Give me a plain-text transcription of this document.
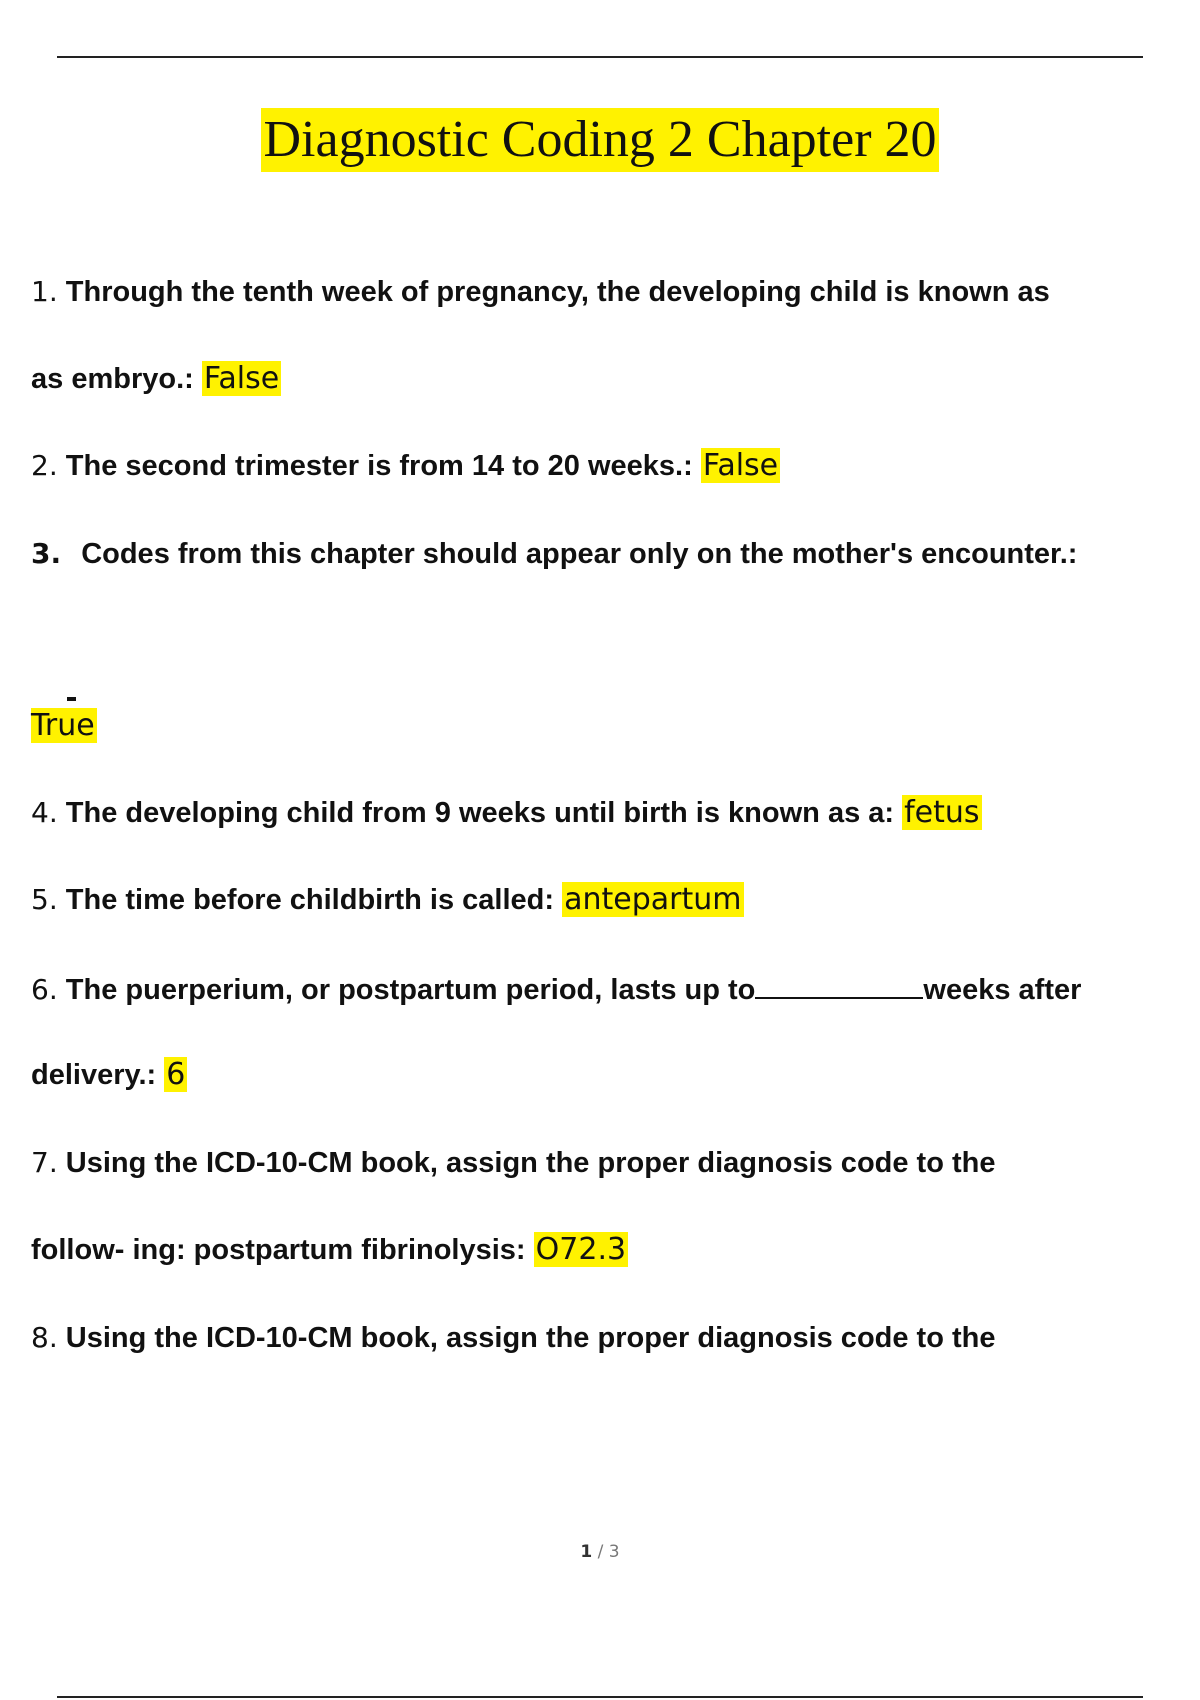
Diagnostic Coding 2 Chapter 20
1. Through the tenth week of pregnancy, the developing child is known as
as embryo.: False
2. The second trimester is from 14 to 20 weeks.: False
3. Codes from this chapter should appear only on the mother's encounter.:
True
4. The developing child from 9 weeks until birth is known as a: fetus
5. The time before childbirth is called: antepartum
6. The puerperium, or postpartum period, lasts up to	weeks after
delivery.: 6
7. Using the ICD-10-CM book, assign the proper diagnosis code to the
follow- ing: postpartum fibrinolysis: O72.3
8. Using the ICD-10-CM book, assign the proper diagnosis code to the
1 / 3
